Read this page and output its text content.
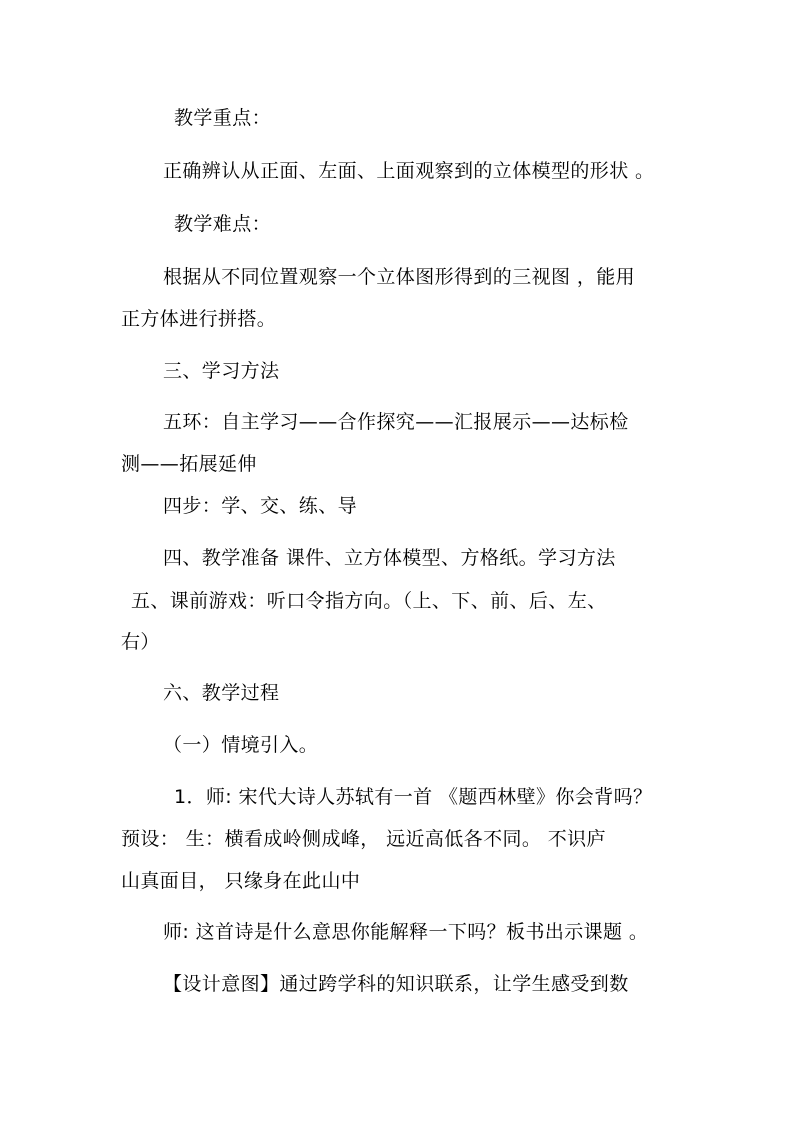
教学重点：
正确辨认从正面、左面、上面观察到的立体模型的形状 。
教学难点：
根据从不同位置观察一个立体图形得到的三视图 ，能用
正方体进行拼搭。
三、学习方法
五环：自主学习——合作探究——汇报展示——达标检
测——拓展延伸
四步：学、交、练、导
四、教学准备 课件、立方体模型、方格纸。学习方法
五、课前游戏：听口令指方向。（上、下、前、后、左、
右）
六、教学过程
（一）情境引入。
1．师: 宋代大诗人苏轼有一首 《题西林壁》你会背吗？
预设： 生：横看成岭侧成峰， 远近高低各不同。 不识庐
山真面目， 只缘身在此山中
师: 这首诗是什么意思你能解释一下吗？板书出示课题 。
【设计意图】通过跨学科的知识联系，让学生感受到数
